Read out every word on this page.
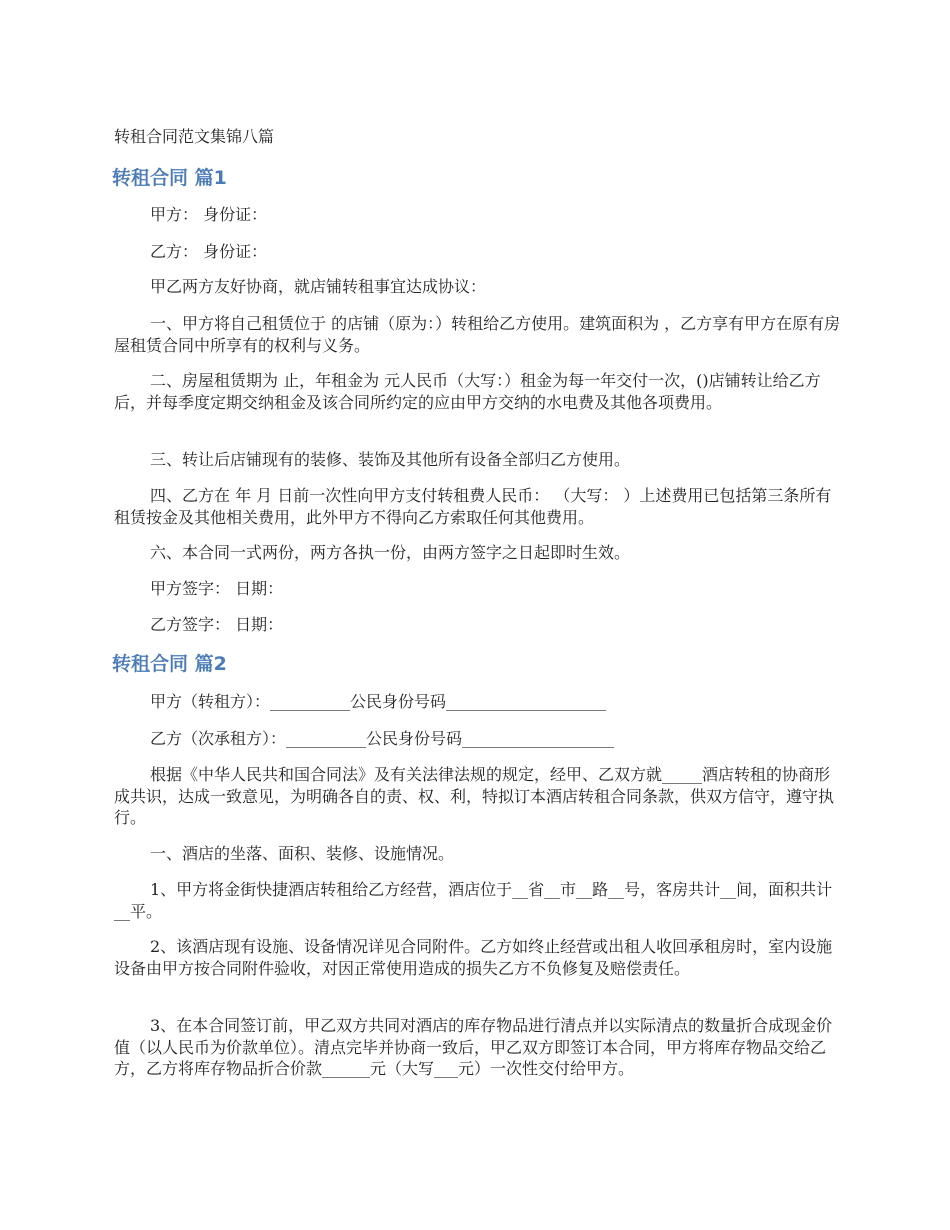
转租合同范文集锦八篇
转租合同 篇1

甲方： 身份证：

乙方： 身份证：

甲乙两方友好协商，就店铺转租事宜达成协议：

一、甲方将自己租赁位于 的店铺（原为：）转租给乙方使用。建筑面积为 ，乙方享有甲方在原有房屋租赁合同中所享有的权利与义务。

二、房屋租赁期为 止，年租金为 元人民币（大写：）租金为每一年交付一次，()店铺转让给乙方后，并每季度定期交纳租金及该合同所约定的应由甲方交纳的水电费及其他各项费用。

三、转让后店铺现有的装修、装饰及其他所有设备全部归乙方使用。

四、乙方在 年 月 日前一次性向甲方支付转租费人民币： （大写： ）上述费用已包括第三条所有租赁按金及其他相关费用，此外甲方不得向乙方索取任何其他费用。

六、本合同一式两份，两方各执一份，由两方签字之日起即时生效。

甲方签字： 日期：

乙方签字： 日期：

转租合同 篇2

甲方（转租方）：__________公民身份号码____________________

乙方（次承租方）：__________公民身份号码___________________

根据《中华人民共和国合同法》及有关法律法规的规定，经甲、乙双方就_____酒店转租的协商形成共识，达成一致意见，为明确各自的责、权、利，特拟订本酒店转租合同条款，供双方信守，遵守执行。

一、酒店的坐落、面积、装修、设施情况。

1、甲方将金街快捷酒店转租给乙方经营，酒店位于__省__市__路__号，客房共计__间，面积共计__平。

2、该酒店现有设施、设备情况详见合同附件。乙方如终止经营或出租人收回承租房时，室内设施设备由甲方按合同附件验收，对因正常使用造成的损失乙方不负修复及赔偿责任。

3、在本合同签订前，甲乙双方共同对酒店的库存物品进行清点并以实际清点的数量折合成现金价值（以人民币为价款单位）。清点完毕并协商一致后，甲乙双方即签订本合同，甲方将库存物品交给乙方，乙方将库存物品折合价款______元（大写___元）一次性交付给甲方。
